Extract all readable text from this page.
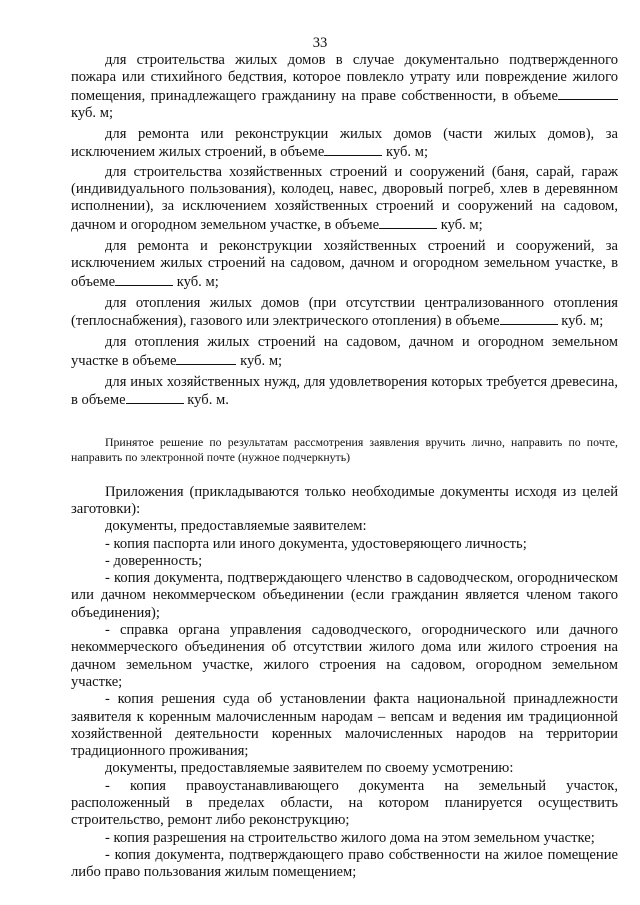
33

для строительства жилых домов в случае документально подтвержденного пожара или стихийного бедствия, которое повлекло утрату или повреждение жилого помещения, принадлежащего гражданину на праве собственности, в объеме куб. м;

для ремонта или реконструкции жилых домов (части жилых домов), за исключением жилых строений, в объеме	куб. м;

для строительства хозяйственных строений и сооружений (баня, сарай, гараж (индивидуального пользования), колодец, навес, дворовый погреб, хлев в деревянном исполнении), за исключением хозяйственных строений и сооружений на садовом, дачном и огородном земельном участке, в объеме	куб. м;

для ремонта и реконструкции хозяйственных строений и сооружений, за исключением жилых строений на садовом, дачном и огородном земельном участке, в объеме	куб. м;

для отопления жилых домов (при отсутствии централизованного отопления (теплоснабжения), газового или электрического отопления) в объеме	куб. м;

для отопления жилых строений на садовом, дачном и огородном земельном участке в объеме	куб. м;

для иных хозяйственных нужд, для удовлетворения которых требуется древесина, в объеме	куб. м.

Принятое решение по результатам рассмотрения заявления вручить лично, направить по почте, направить по электронной почте (нужное подчеркнуть)

Приложения (прикладываются только необходимые документы исходя из целей заготовки):

документы, предоставляемые заявителем:

- копия паспорта или иного документа, удостоверяющего личность;

- доверенность;

- копия документа, подтверждающего членство в садоводческом, огородническом или дачном некоммерческом объединении (если гражданин является членом такого объединения);

- справка органа управления садоводческого, огороднического или дачного некоммерческого объединения об отсутствии жилого дома или жилого строения на дачном земельном участке, жилого строения на садовом, огородном земельном участке;

- копия решения суда об установлении факта национальной принадлежности заявителя к коренным малочисленным народам – вепсам и ведения им традиционной хозяйственной деятельности коренных малочисленных народов на территории традиционного проживания;

документы, предоставляемые заявителем по своему усмотрению:

- копия правоустанавливающего документа на земельный участок, расположенный в пределах области, на котором планируется осуществить строительство, ремонт либо реконструкцию;

- копия разрешения на строительство жилого дома на этом земельном участке;

- копия документа, подтверждающего право собственности на жилое помещение либо право пользования жилым помещением;
